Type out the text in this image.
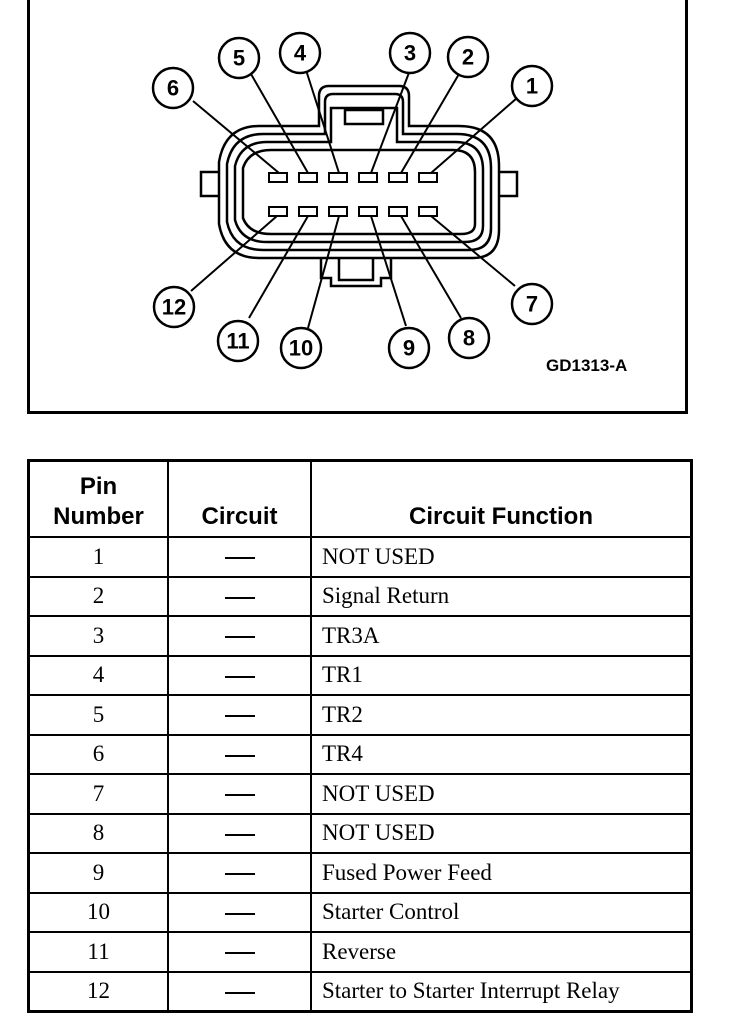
1
2
3
4
5
6
7
8
9
10
11
12
GD1313-A
Pin Number	Circuit	Circuit Function
1		NOT USED
2		Signal Return
3		TR3A
4		TR1
5		TR2
6		TR4
7		NOT USED
8		NOT USED
9		Fused Power Feed
10		Starter Control
11		Reverse
12		Starter to Starter Interrupt Relay
